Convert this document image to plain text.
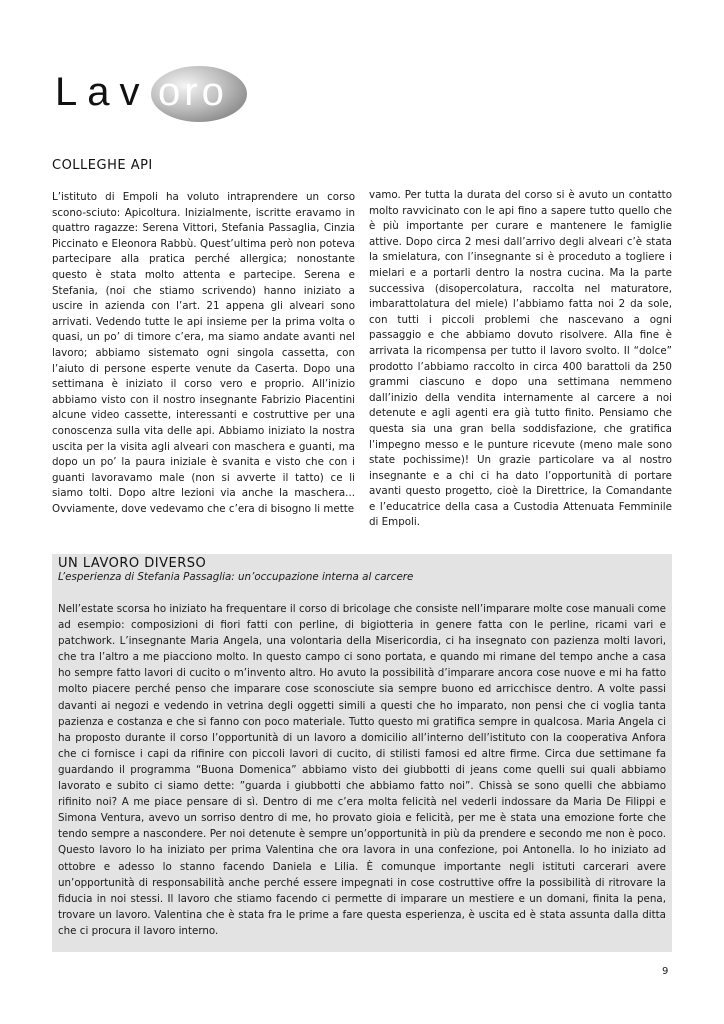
Lav oro
COLLEGHE API

L’istituto di Empoli ha voluto intraprendere un corso scono-sciuto: Apicoltura. Inizialmente, iscritte eravamo in quattro ragazze: Serena Vittori, Stefania Passaglia, Cinzia Piccinato e Eleonora Rabbù. Quest’ultima però non poteva partecipare alla pratica perché allergica; nonostante questo è stata molto attenta e partecipe. Serena e Stefania, (noi che stiamo scrivendo) hanno iniziato a uscire in azienda con l’art. 21 appena gli alveari sono arrivati. Vedendo tutte le api insieme per la prima volta o quasi, un po’ di timore c’era, ma siamo andate avanti nel lavoro; abbiamo sistemato ogni singola cassetta, con l’aiuto di persone esperte venute da Caserta. Dopo una settimana è iniziato il corso vero e proprio. All’inizio abbiamo visto con il nostro insegnante Fabrizio Piacentini alcune video cassette, interessanti e costruttive per una conoscenza sulla vita delle api. Abbiamo iniziato la nostra uscita per la visita agli alveari con maschera e guanti, ma dopo un po’ la paura iniziale è svanita e visto che con i guanti lavoravamo male (non si avverte il tatto) ce li siamo tolti. Dopo altre lezioni via anche la maschera... Ovviamente, dove vedevamo che c’era di bisogno li mette

vamo. Per tutta la durata del corso si è avuto un contatto molto ravvicinato con le api fino a sapere tutto quello che è più importante per curare e mantenere le famiglie attive. Dopo circa 2 mesi dall’arrivo degli alveari c’è stata la smielatura, con l’insegnante si è proceduto a togliere i mielari e a portarli dentro la nostra cucina. Ma la parte successiva (disopercolatura, raccolta nel maturatore, imbarattolatura del miele) l’abbiamo fatta noi 2 da sole, con tutti i piccoli problemi che nascevano a ogni passaggio e che abbiamo dovuto risolvere. Alla fine è arrivata la ricompensa per tutto il lavoro svolto. Il “dolce” prodotto l’abbiamo raccolto in circa 400 barattoli da 250 grammi ciascuno e dopo una settimana nemmeno dall’inizio della vendita internamente al carcere a noi detenute e agli agenti era già tutto finito. Pensiamo che questa sia una gran bella soddisfazione, che gratifica l’impegno messo e le punture ricevute (meno male sono state pochissime)! Un grazie particolare va al nostro insegnante e a chi ci ha dato l’opportunità di portare avanti questo progetto, cioè la Direttrice, la Comandante e l’educatrice della casa a Custodia Attenuata Femminile di Empoli.

UN LAVORO DIVERSO
L’esperienza di Stefania Passaglia: un’occupazione interna al carcere

Nell’estate scorsa ho iniziato ha frequentare il corso di bricolage che consiste nell’imparare molte cose manuali come ad esempio: composizioni di fiori fatti con perline, di bigiotteria in genere fatta con le perline, ricami vari e patchwork. L’insegnante Maria Angela, una volontaria della Misericordia, ci ha insegnato con pazienza molti lavori, che tra l’altro a me piacciono molto. In questo campo ci sono portata, e quando mi rimane del tempo anche a casa ho sempre fatto lavori di cucito o m’invento altro. Ho avuto la possibilità d’imparare ancora cose nuove e mi ha fatto molto piacere perché penso che imparare cose sconosciute sia sempre buono ed arricchisce dentro. A volte passi davanti ai negozi e vedendo in vetrina degli oggetti simili a questi che ho imparato, non pensi che ci voglia tanta pazienza e costanza e che si fanno con poco materiale. Tutto questo mi gratifica sempre in qualcosa. Maria Angela ci ha proposto durante il corso l’opportunità di un lavoro a domicilio all’interno dell’istituto con la cooperativa Anfora che ci fornisce i capi da rifinire con piccoli lavori di cucito, di stilisti famosi ed altre firme. Circa due settimane fa guardando il programma “Buona Domenica” abbiamo visto dei giubbotti di jeans come quelli sui quali abbiamo lavorato e subito ci siamo dette: ”guarda i giubbotti che abbiamo fatto noi”. Chissà se sono quelli che abbiamo rifinito noi? A me piace pensare di sì. Dentro di me c’era molta felicità nel vederli indossare da Maria De Filippi e Simona Ventura, avevo un sorriso dentro di me, ho provato gioia e felicità, per me è stata una emozione forte che tendo sempre a nascondere. Per noi detenute è sempre un’opportunità in più da prendere e secondo me non è poco. Questo lavoro lo ha iniziato per prima Valentina che ora lavora in una confezione, poi Antonella. Io ho iniziato ad ottobre e adesso lo stanno facendo Daniela e Lilia. È comunque importante negli istituti carcerari avere un’opportunità di responsabilità anche perché essere impegnati in cose costruttive offre la possibilità di ritrovare la fiducia in noi stessi. Il lavoro che stiamo facendo ci permette di imparare un mestiere e un domani, finita la pena, trovare un lavoro. Valentina che è stata fra le prime a fare questa esperienza, è uscita ed è stata assunta dalla ditta che ci procura il lavoro interno.

9
